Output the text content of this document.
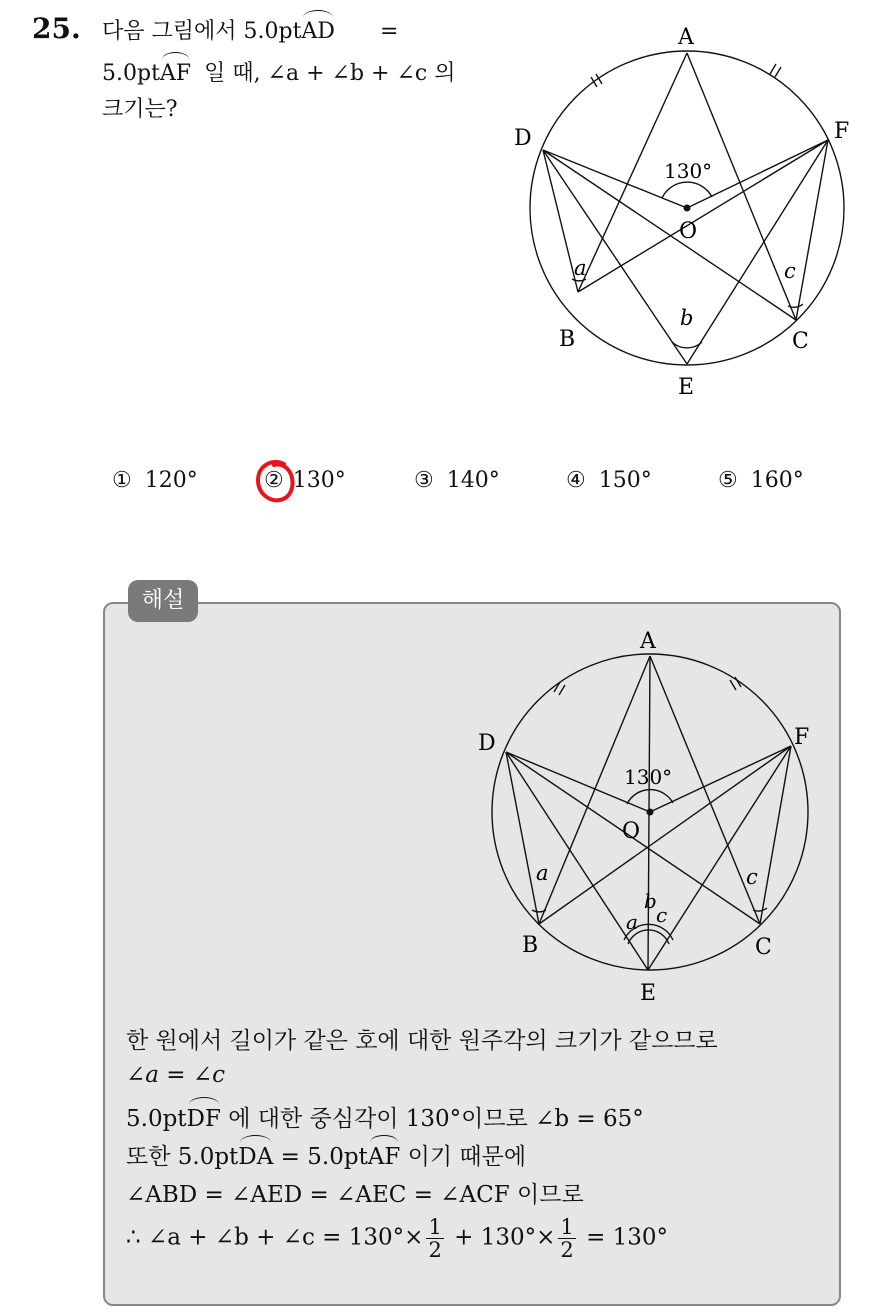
25. 다음 그림에서 5.0ptAD =
5.0ptAF 일 때, ∠a + ∠b + ∠c 의
크기는?
A
D	F
O
B	C
E
130°
a
b
c
① 120°	② 130°	③ 140°	④ 150°	⑤ 160°
해설
A
D	F
O
B	C
E
130°
a	c
a
b
c
한 원에서 길이가 같은 호에 대한 원주각의 크기가 같으므로
∠a = ∠c
5.0ptDF 에 대한 중심각이 130°이므로 ∠b = 65°
또한 5.0ptDA = 5.0ptAF 이기 때문에
∠ABD = ∠AED = ∠AEC = ∠ACF 이므로
∴ ∠a + ∠b + ∠c = $130^\circ\times \frac{1}{2} + 130^\circ\times \frac{1}{2} = 130^\circ$
